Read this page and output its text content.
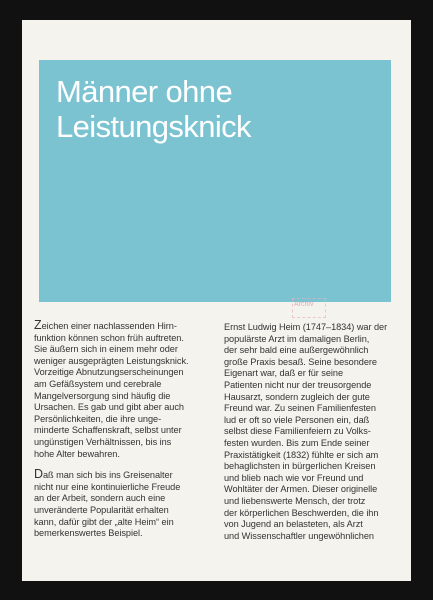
Männer ohne
Leistungsknick
Archiv

Zeichen einer nachlassenden Hirn-
funktion können schon früh auftreten.
Sie äußern sich in einem mehr oder
weniger ausgeprägten Leistungsknick.
Vorzeitige Abnutzungserscheinungen
am Gefäßsystem und cerebrale
Mangelversorgung sind häufig die
Ursachen. Es gab und gibt aber auch
Persönlichkeiten, die ihre unge-
minderte Schaffenskraft, selbst unter
ungünstigen Verhältnissen, bis ins
hohe Alter bewahren.

Daß man sich bis ins Greisenalter
nicht nur eine kontinuierliche Freude
an der Arbeit, sondern auch eine
unveränderte Popularität erhalten
kann, dafür gibt der „alte Heim“ ein
bemerkenswertes Beispiel.

Ernst Ludwig Heim (1747–1834) war der
populärste Arzt im damaligen Berlin,
der sehr bald eine außergewöhnlich
große Praxis besaß. Seine besondere
Eigenart war, daß er für seine
Patienten nicht nur der treusorgende
Hausarzt, sondern zugleich der gute
Freund war. Zu seinen Familienfesten
lud er oft so viele Personen ein, daß
selbst diese Familienfeiern zu Volks-
festen wurden. Bis zum Ende seiner
Praxistätigkeit (1832) fühlte er sich am
behaglichsten in bürgerlichen Kreisen
und blieb nach wie vor Freund und
Wohltäter der Armen. Dieser originelle
und liebenswerte Mensch, der trotz
der körperlichen Beschwerden, die ihn
von Jugend an belasteten, als Arzt
und Wissenschaftler ungewöhnlichen
